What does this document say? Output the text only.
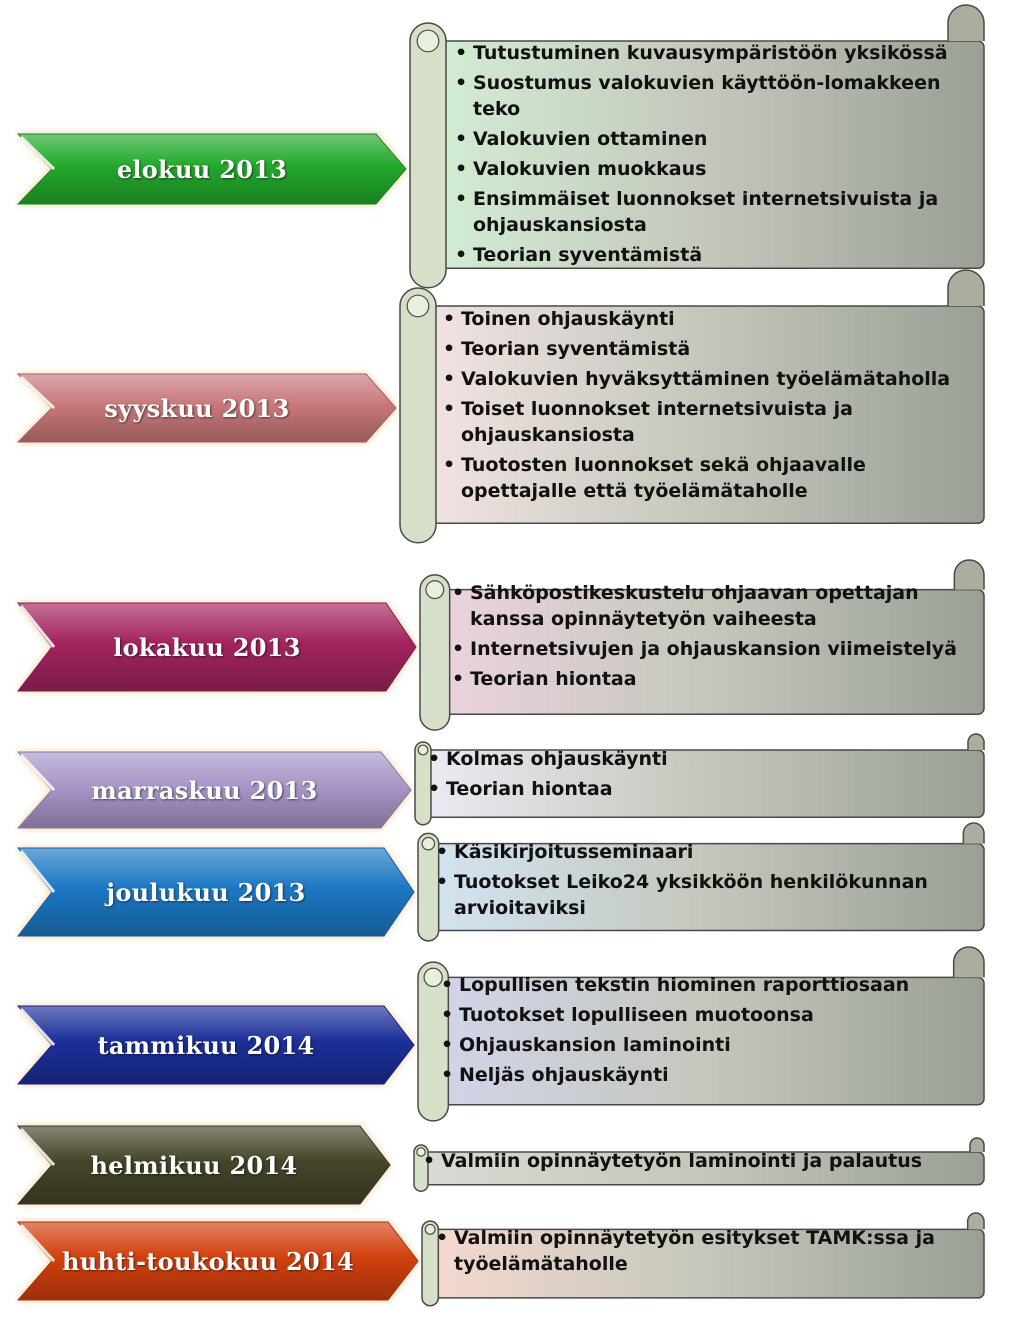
elokuu 2013
• Tutustuminen kuvausympäristöön yksikössä
• Suostumus valokuvien käyttöön-lomakkeen teko
• Valokuvien ottaminen
• Valokuvien muokkaus
• Ensimmäiset luonnokset internetsivuista ja ohjauskansiosta
• Teorian syventämistä
syyskuu 2013
• Toinen ohjauskäynti
• Teorian syventämistä
• Valokuvien hyväksyttäminen työelämätaholla
• Toiset luonnokset internetsivuista ja ohjauskansiosta
• Tuotosten luonnokset sekä ohjaavalle opettajalle että työelämätaholle
lokakuu 2013
• Sähköpostikeskustelu ohjaavan opettajan kanssa opinnäytetyön vaiheesta
• Internetsivujen ja ohjauskansion viimeistelyä
• Teorian hiontaa
marraskuu 2013
• Kolmas ohjauskäynti
• Teorian hiontaa
joulukuu 2013
• Käsikirjoitusseminaari
• Tuotokset Leiko24 yksikköön henkilökunnan arvioitaviksi
tammikuu 2014
• Lopullisen tekstin hiominen raporttiosaan
• Tuotokset lopulliseen muotoonsa
• Ohjauskansion laminointi
• Neljäs ohjauskäynti
helmikuu 2014	• Valmiin opinnäytetyön laminointi ja palautus
huhti-toukokuu 2014
• Valmiin opinnäytetyön esitykset TAMK:ssa ja työelämätaholle
